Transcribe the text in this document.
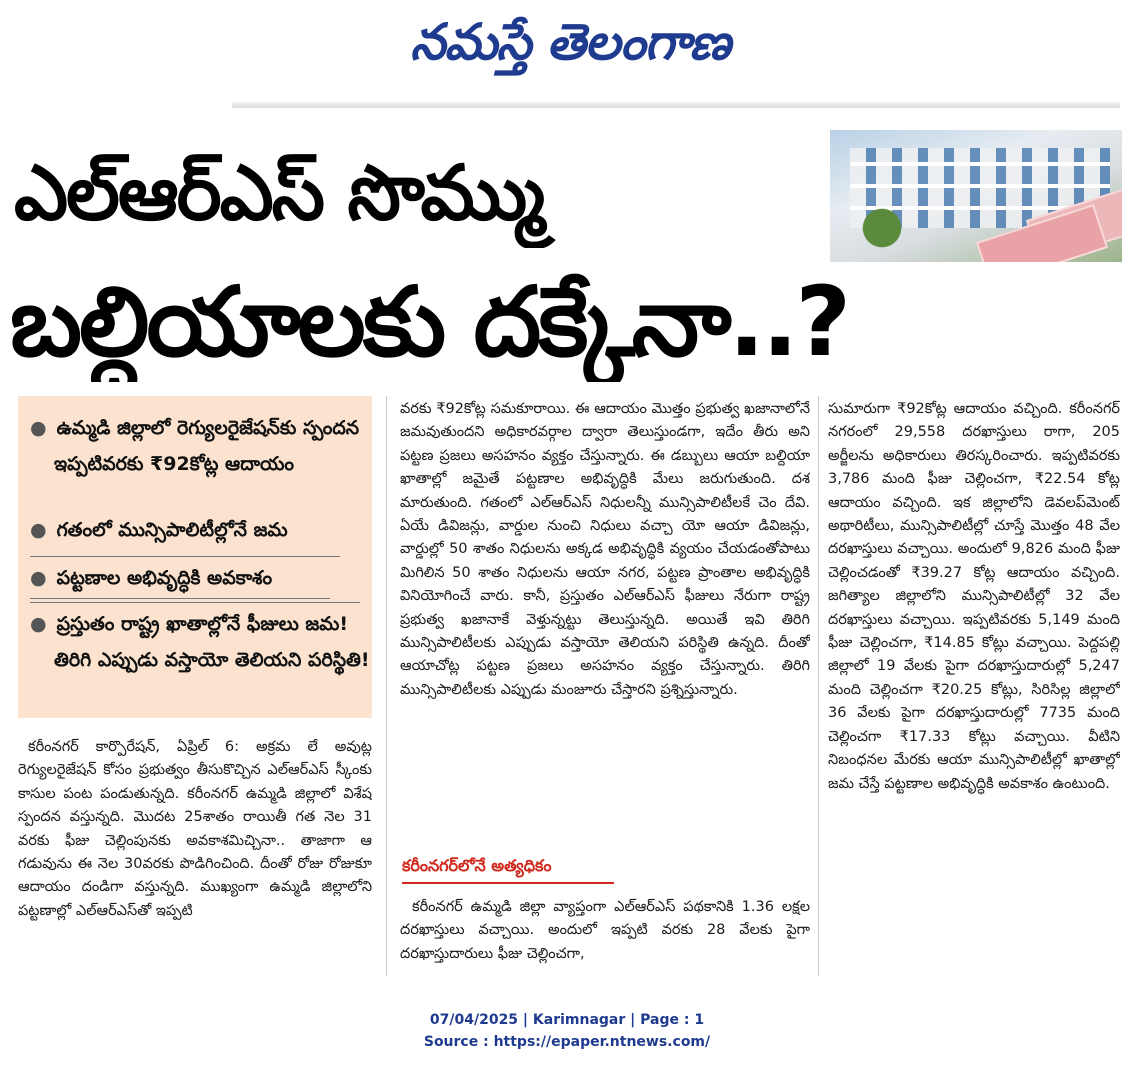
నమస్తే తెలంగాణ
ఎల్‌ఆర్‌ఎస్‌ సొమ్ము
బల్దియాలకు దక్కేనా..?
● ఉమ్మడి జిల్లాలో రెగ్యులరైజేషన్‌కు స్పందన
ఇప్పటివరకు ₹92కోట్ల ఆదాయం
● గతంలో మున్సిపాలిటీల్లోనే జమ
● పట్టణాల అభివృద్ధికి అవకాశం
● ప్రస్తుతం రాష్ట్ర ఖాతాల్లోనే ఫీజులు జమ!
తిరిగి ఎప్పుడు వస్తాయో తెలియని పరిస్థితి!

కరీంనగర్‌ కార్పొరేషన్‌, ఏప్రిల్‌ 6: అక్రమ లే అవుట్ల రెగ్యులరైజేషన్‌ కోసం ప్రభుత్వం తీసుకొచ్చిన ఎల్‌ఆర్‌ఎస్‌ స్కీంకు కాసుల పంట పండుతున్నది. కరీంనగర్‌ ఉమ్మడి జిల్లాలో విశేష స్పందన వస్తున్నది. మొదట 25శాతం రాయితీ గత నెల 31 వరకు ఫీజు చెల్లింపునకు అవకాశమిచ్చినా.. తాజాగా ఆ గడువును ఈ నెల 30వరకు పొడిగించింది. దీంతో రోజు రోజుకూ ఆదాయం దండిగా వస్తున్నది. ముఖ్యంగా ఉమ్మడి జిల్లాలోని పట్టణాల్లో ఎల్‌ఆర్‌ఎస్‌తో ఇప్పటి

వరకు ₹92కోట్ల సమకూరాయి. ఈ ఆదాయం మొత్తం ప్రభుత్వ ఖజానాలోనే జమవుతుందని అధికారవర్గాల ద్వారా తెలుస్తుండగా, ఇదేం తీరు అని పట్టణ ప్రజలు అసహనం వ్యక్తం చేస్తున్నారు. ఈ డబ్బులు ఆయా బల్దియా ఖాతాల్లో జమైతే పట్టణాల అభివృద్ధికి మేలు జరుగుతుంది. దశ మారుతుంది. గతంలో ఎల్‌ఆర్‌ఎస్‌ నిధులన్నీ మున్సిపాలిటీలకే చెం దేవి. ఏయే డివిజన్లు, వార్డుల నుంచి నిధులు వచ్చా యో ఆయా డివిజన్లు, వార్డుల్లో 50 శాతం నిధులను అక్కడ అభివృద్ధికి వ్యయం చేయడంతోపాటు మిగిలిన 50 శాతం నిధులను ఆయా నగర, పట్టణ ప్రాంతాల అభివృద్ధికి వినియోగించే వారు. కానీ, ప్రస్తుతం ఎల్‌ఆర్‌ఎస్‌ ఫీజులు నేరుగా రాష్ట్ర ప్రభుత్వ ఖజానాకే వెళ్తున్నట్టు తెలుస్తున్నది. అయితే ఇవి తిరిగి మున్సిపాలిటీలకు ఎప్పుడు వస్తాయో తెలియని పరిస్థితి ఉన్నది. దీంతో ఆయాచోట్ల పట్టణ ప్రజలు అసహనం వ్యక్తం చేస్తున్నారు. తిరిగి మున్సిపాలిటీలకు ఎప్పుడు మంజూరు చేస్తారని ప్రశ్నిస్తున్నారు.

కరీంనగర్‌లోనే అత్యధికం

కరీంనగర్‌ ఉమ్మడి జిల్లా వ్యాప్తంగా ఎల్‌ఆర్‌ఎస్‌ పథకానికి 1.36 లక్షల దరఖాస్తులు వచ్చాయి. అందులో ఇప్పటి వరకు 28 వేలకు పైగా దరఖాస్తుదారులు ఫీజు చెల్లించగా,

సుమారుగా ₹92కోట్ల ఆదాయం వచ్చింది. కరీంనగర్‌ నగరంలో 29,558 దరఖాస్తులు రాగా, 205 అర్జీలను అధికారులు తిరస్కరించారు. ఇప్పటివరకు 3,786 మంది ఫీజు చెల్లించగా, ₹22.54 కోట్ల ఆదాయం వచ్చింది. ఇక జిల్లాలోని డెవలప్‌మెంట్‌ అథారిటీలు, మున్సిపాలిటీల్లో చూస్తే మొత్తం 48 వేల దరఖాస్తులు వచ్చాయి. అందులో 9,826 మంది ఫీజు చెల్లించడంతో ₹39.27 కోట్ల ఆదాయం వచ్చింది. జగిత్యాల జిల్లాలోని మున్సిపాలిటీల్లో 32 వేల దరఖాస్తులు వచ్చాయి. ఇప్పటివరకు 5,149 మంది ఫీజు చెల్లించగా, ₹14.85 కోట్లు వచ్చాయి. పెద్దపల్లి జిల్లాలో 19 వేలకు పైగా దరఖాస్తుదారుల్లో 5,247 మంది చెల్లించగా ₹20.25 కోట్లు, సిరిసిల్ల జిల్లాలో 36 వేలకు పైగా దరఖాస్తుదారుల్లో 7735 మంది చెల్లించగా ₹17.33 కోట్లు వచ్చాయి. వీటిని నిబంధనల మేరకు ఆయా మున్సిపాలిటీల్లో ఖాతాల్లో జమ చేస్తే పట్టణాల అభివృద్ధికి అవకాశం ఉంటుంది.

07/04/2025 | Karimnagar | Page : 1
Source : https://epaper.ntnews.com/
